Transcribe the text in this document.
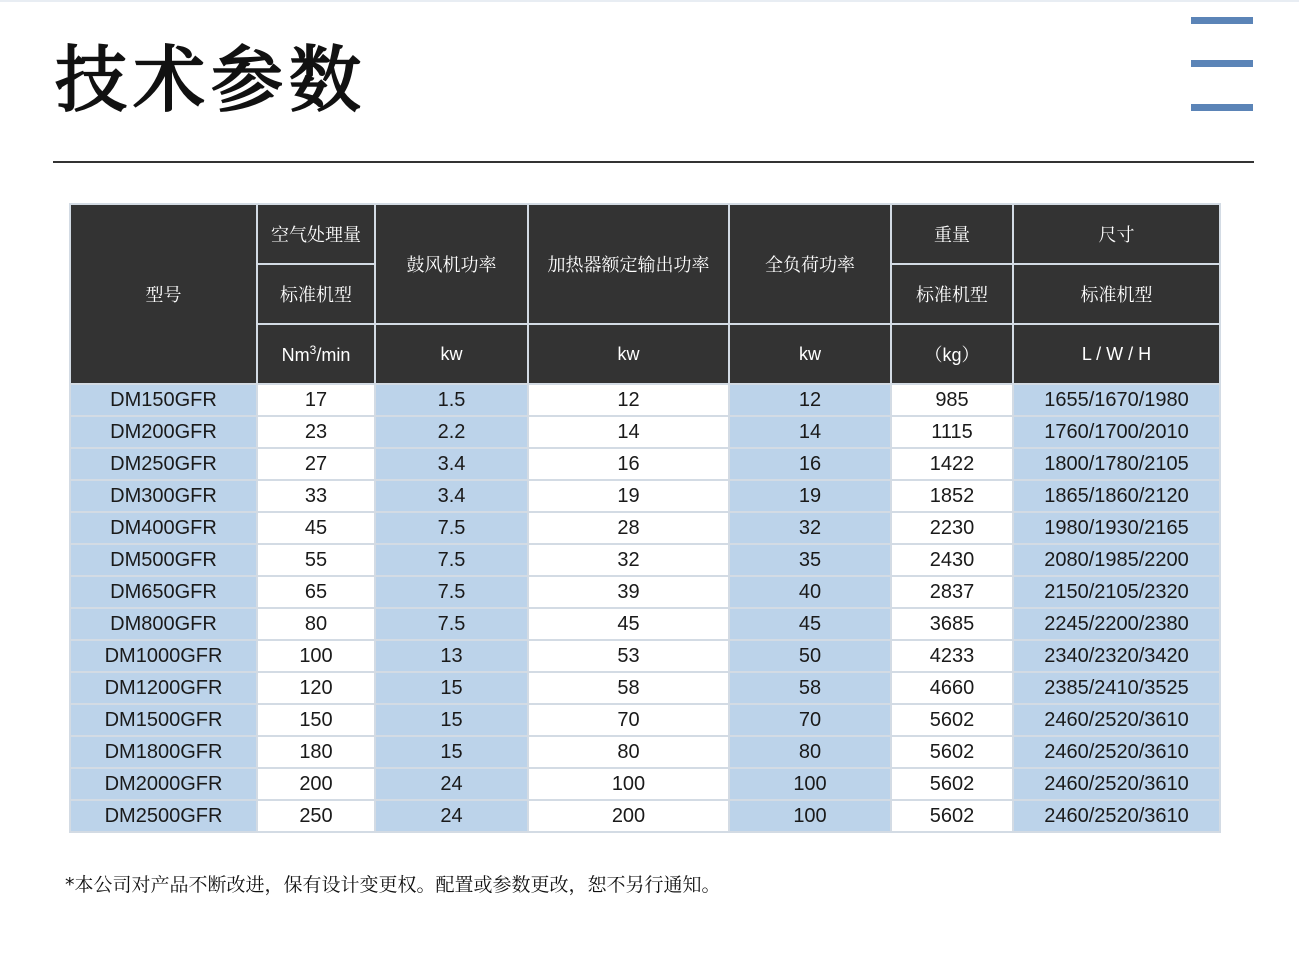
技术参数
型号	空气处理量	鼓风机功率	加热器额定输出功率	全负荷功率	重量	尺寸
	标准机型				标准机型	标准机型
	Nm$^3$/min	kw	kw	kw	（kg）	L / W / H
DM150GFR	17	1.5	12	12	985	1655/1670/1980
DM200GFR	23	2.2	14	14	1115	1760/1700/2010
DM250GFR	27	3.4	16	16	1422	1800/1780/2105
DM300GFR	33	3.4	19	19	1852	1865/1860/2120
DM400GFR	45	7.5	28	32	2230	1980/1930/2165
DM500GFR	55	7.5	32	35	2430	2080/1985/2200
DM650GFR	65	7.5	39	40	2837	2150/2105/2320
DM800GFR	80	7.5	45	45	3685	2245/2200/2380
DM1000GFR	100	13	53	50	4233	2340/2320/3420
DM1200GFR	120	15	58	58	4660	2385/2410/3525
DM1500GFR	150	15	70	70	5602	2460/2520/3610
DM1800GFR	180	15	80	80	5602	2460/2520/3610
DM2000GFR	200	24	100	100	5602	2460/2520/3610
DM2500GFR	250	24	200	100	5602	2460/2520/3610
*本公司对产品不断改进，保有设计变更权。配置或参数更改，恕不另行通知。
